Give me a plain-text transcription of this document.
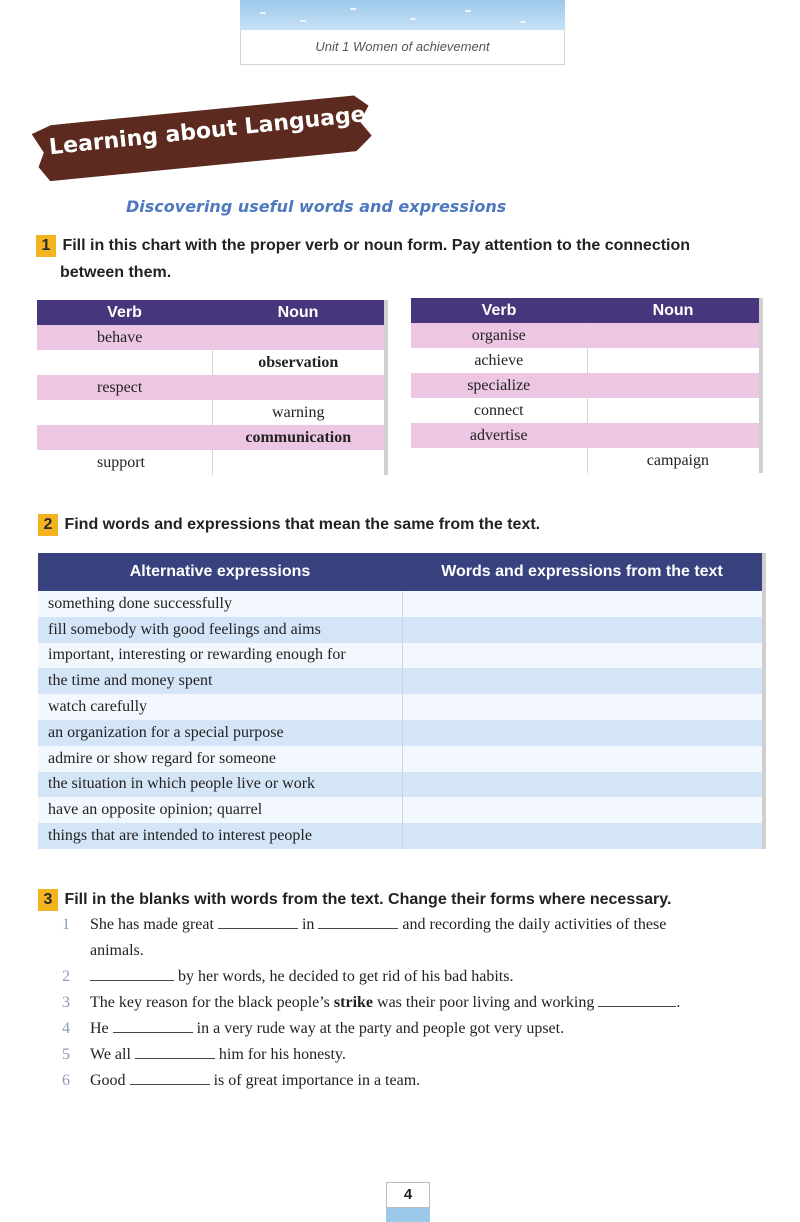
Unit 1 Women of achievement
Learning about Language
Discovering useful words and expressions
1 Fill in this chart with the proper verb or noun form. Pay attention to the connection
between them.
Verb	Noun
behave	
	observation
respect	
	warning
	communication
support	
Verb	Noun
organise	
achieve	
specialize	
connect	
advertise	
	campaign
2 Find words and expressions that mean the same from the text.
Alternative expressions	Words and expressions from the text
something done successfully	
fill somebody with good feelings and aims	
important, interesting or rewarding enough for	
the time and money spent	
watch carefully	
an organization for a special purpose	
admire or show regard for someone	
the situation in which people live or work	
have an opposite opinion; quarrel	
things that are intended to interest people	
3 Fill in the blanks with words from the text. Change their forms where necessary.
1 She has made great	in	and recording the daily activities of these
animals.
2	by her words, he decided to get rid of his bad habits.
3 The key reason for the black people’s strike was their poor living and working	.
4 He	in a very rude way at the party and people got very upset.
5 We all	him for his honesty.
6 Good	is of great importance in a team.
4
